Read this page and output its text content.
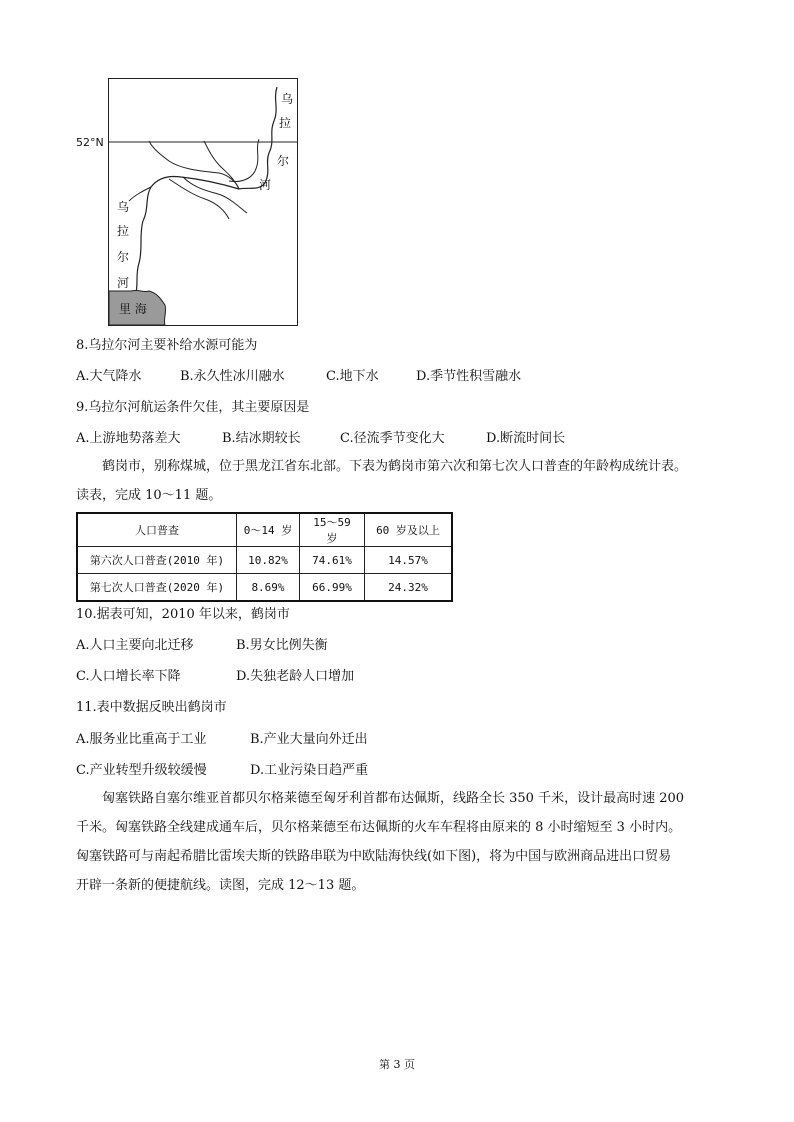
52°N
乌
拉
尔
河
乌
拉
尔
河
里 海
8.乌拉尔河主要补给水源可能为
A.大气降水	B.永久性冰川融水	C.地下水	D.季节性积雪融水
9.乌拉尔河航运条件欠佳，其主要原因是
A.上游地势落差大	B.结冰期较长	C.径流季节变化大	D.断流时间长

鹤岗市，别称煤城，位于黑龙江省东北部。下表为鹤岗市第六次和第七次人口普查的年龄构成统计表。

读表，完成 10～11 题。

人口普查	0～14 岁	15～59 岁	60 岁及以上
第六次人口普查(2010 年)	10.82%	74.61%	14.57%
第七次人口普查(2020 年)	8.69%	66.99%	24.32%
10.据表可知，2010 年以来，鹤岗市
A.人口主要向北迁移	B.男女比例失衡
C.人口增长率下降	D.失独老龄人口增加
11.表中数据反映出鹤岗市
A.服务业比重高于工业	B.产业大量向外迁出
C.产业转型升级较缓慢	D.工业污染日趋严重

匈塞铁路自塞尔维亚首都贝尔格莱德至匈牙利首都布达佩斯，线路全长 350 千米，设计最高时速 200

千米。匈塞铁路全线建成通车后，贝尔格莱德至布达佩斯的火车车程将由原来的 8 小时缩短至 3 小时内。

匈塞铁路可与南起希腊比雷埃夫斯的铁路串联为中欧陆海快线(如下图)，将为中国与欧洲商品进出口贸易

开辟一条新的便捷航线。读图，完成 12～13 题。

第 3 页
